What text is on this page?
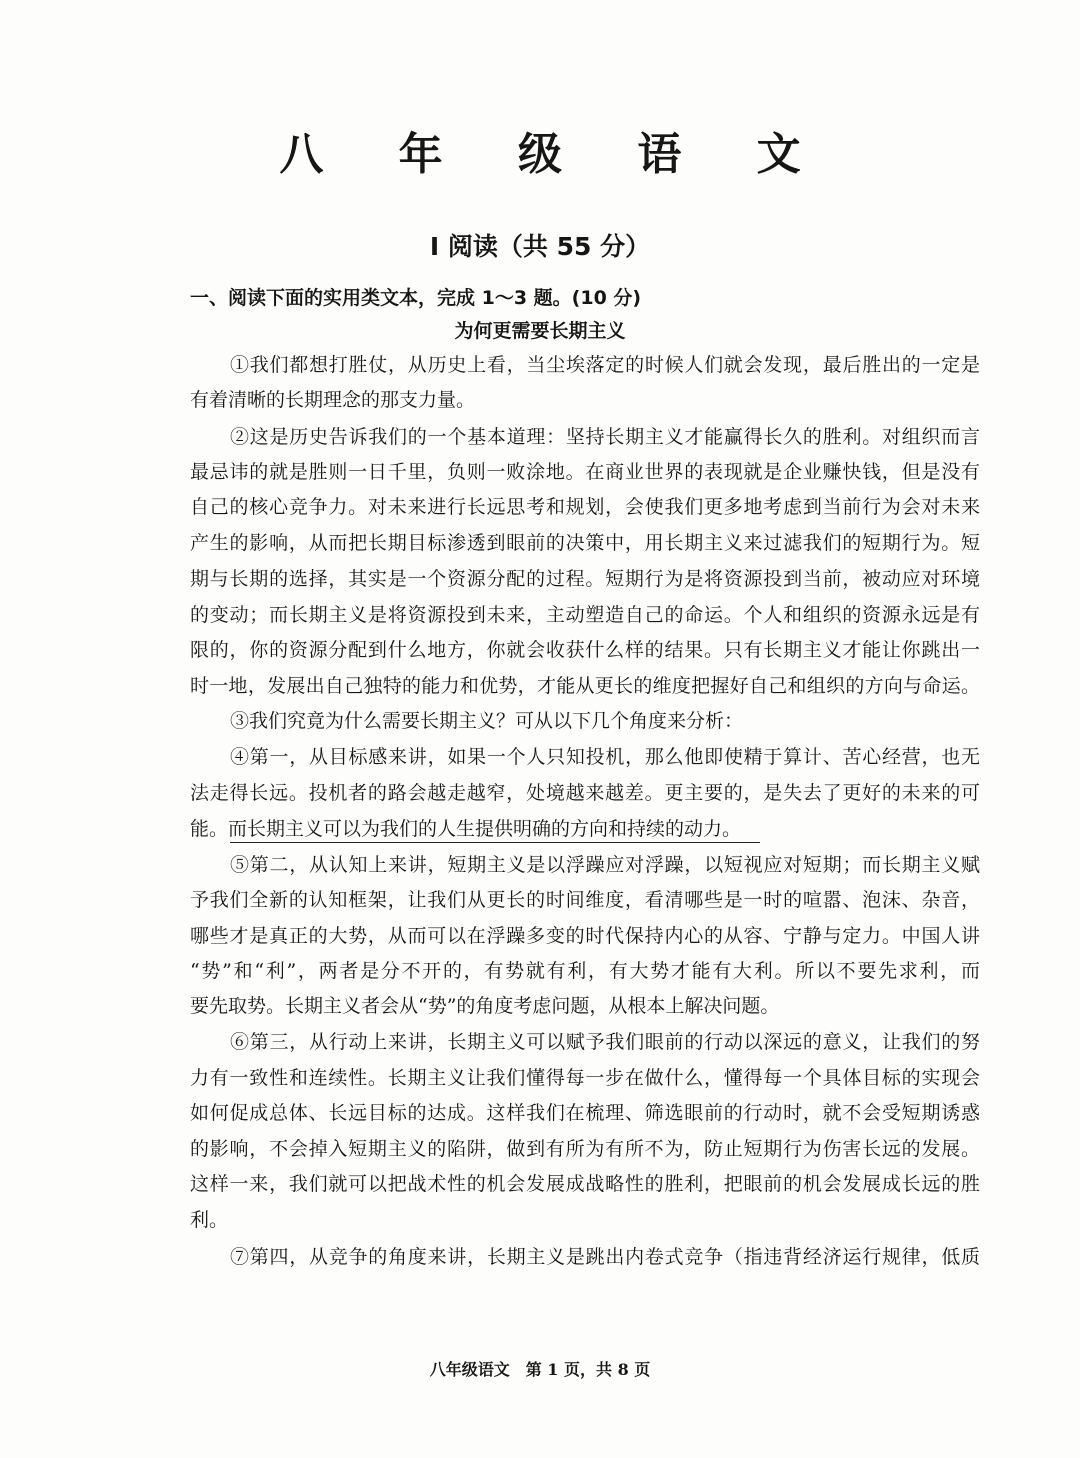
八 年 级 语 文
Ⅰ 阅读（共 55 分）
一、阅读下面的实用类文本，完成 1～3 题。(10 分)
为何更需要长期主义
①我们都想打胜仗，从历史上看，当尘埃落定的时候人们就会发现，最后胜出的一定是
有着清晰的长期理念的那支力量。
②这是历史告诉我们的一个基本道理：坚持长期主义才能赢得长久的胜利。对组织而言
最忌讳的就是胜则一日千里，负则一败涂地。在商业世界的表现就是企业赚快钱，但是没有
自己的核心竞争力。对未来进行长远思考和规划，会使我们更多地考虑到当前行为会对未来
产生的影响，从而把长期目标渗透到眼前的决策中，用长期主义来过滤我们的短期行为。短
期与长期的选择，其实是一个资源分配的过程。短期行为是将资源投到当前，被动应对环境
的变动；而长期主义是将资源投到未来，主动塑造自己的命运。个人和组织的资源永远是有
限的，你的资源分配到什么地方，你就会收获什么样的结果。只有长期主义才能让你跳出一
时一地，发展出自己独特的能力和优势，才能从更长的维度把握好自己和组织的方向与命运。
③我们究竟为什么需要长期主义？可从以下几个角度来分析：
④第一，从目标感来讲，如果一个人只知投机，那么他即使精于算计、苦心经营，也无
法走得长远。投机者的路会越走越窄，处境越来越差。更主要的，是失去了更好的未来的可
能。而长期主义可以为我们的人生提供明确的方向和持续的动力。
⑤第二，从认知上来讲，短期主义是以浮躁应对浮躁，以短视应对短期；而长期主义赋
予我们全新的认知框架，让我们从更长的时间维度，看清哪些是一时的喧嚣、泡沫、杂音，
哪些才是真正的大势，从而可以在浮躁多变的时代保持内心的从容、宁静与定力。中国人讲
“势”和“利”，两者是分不开的，有势就有利，有大势才能有大利。所以不要先求利，而
要先取势。长期主义者会从“势”的角度考虑问题，从根本上解决问题。
⑥第三，从行动上来讲，长期主义可以赋予我们眼前的行动以深远的意义，让我们的努
力有一致性和连续性。长期主义让我们懂得每一步在做什么，懂得每一个具体目标的实现会
如何促成总体、长远目标的达成。这样我们在梳理、筛选眼前的行动时，就不会受短期诱惑
的影响，不会掉入短期主义的陷阱，做到有所为有所不为，防止短期行为伤害长远的发展。
这样一来，我们就可以把战术性的机会发展成战略性的胜利，把眼前的机会发展成长远的胜
利。
⑦第四，从竞争的角度来讲，长期主义是跳出内卷式竞争（指违背经济运行规律，低质
八年级语文　第 1 页，共 8 页
